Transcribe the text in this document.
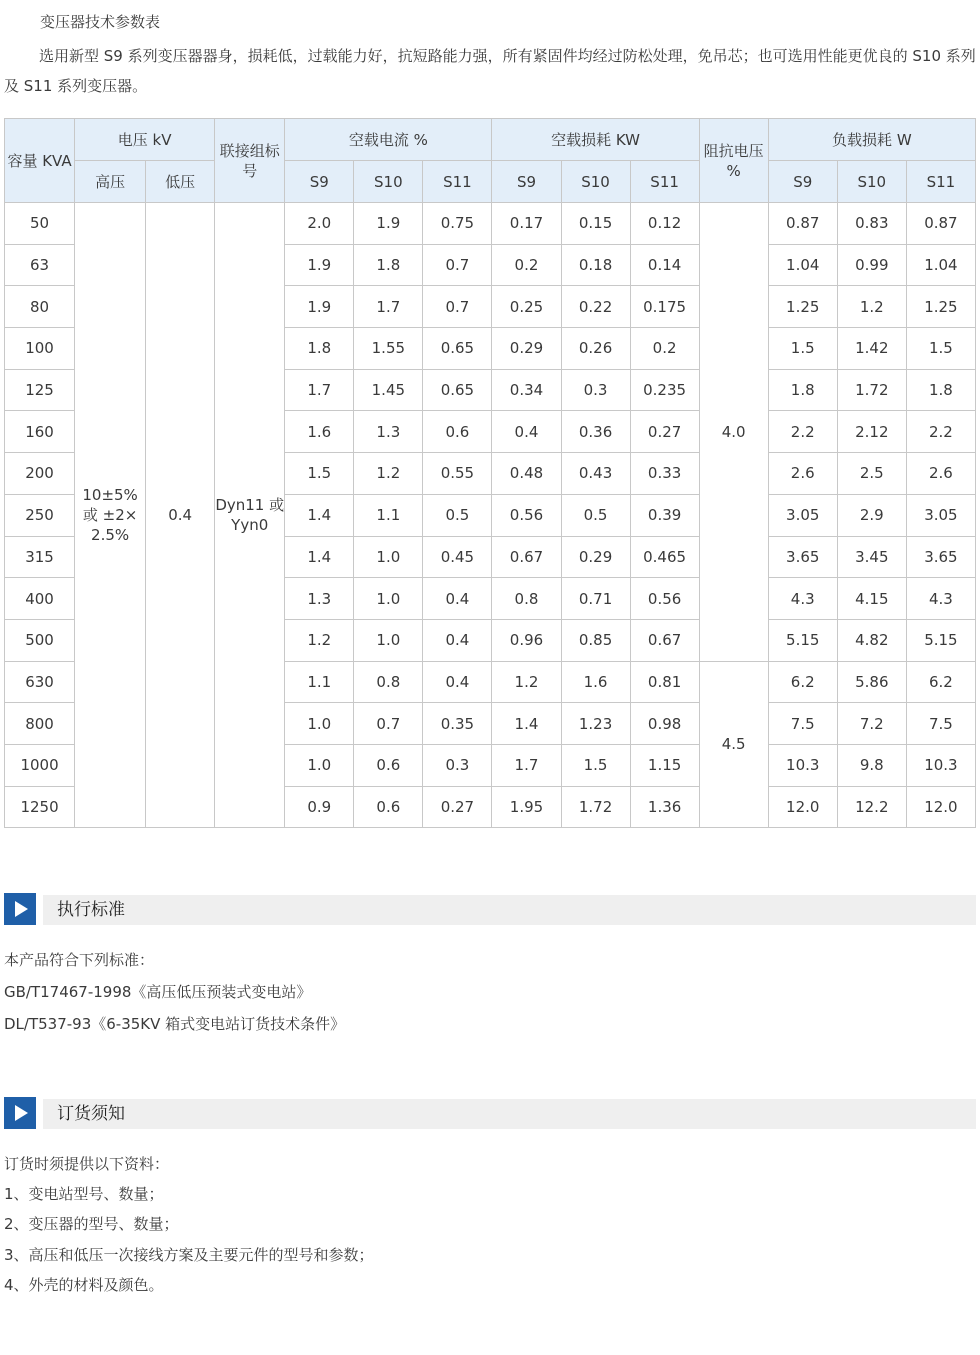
变压器技术参数表
选用新型 S9 系列变压器器身，损耗低，过载能力好，抗短路能力强，所有紧固件均经过防松处理，免吊芯；也可选用性能更优良的 S10 系列及 S11 系列变压器。
容量 KVA	电压 kV		联接组标号	空载电流 %			空载损耗 KW			阻抗电压 %	负载损耗 W		
	高压	低压		S9	S10	S11	S9	S10	S11		S9	S10	S11
50	10±5% 或 ±2× 2.5%	0.4	Dyn11 或 Yyn0	2.0	1.9	0.75	0.17	0.15	0.12	4.0	0.87	0.83	0.87
63				1.9	1.8	0.7	0.2	0.18	0.14		1.04	0.99	1.04
80				1.9	1.7	0.7	0.25	0.22	0.175		1.25	1.2	1.25
100				1.8	1.55	0.65	0.29	0.26	0.2		1.5	1.42	1.5
125				1.7	1.45	0.65	0.34	0.3	0.235		1.8	1.72	1.8
160				1.6	1.3	0.6	0.4	0.36	0.27		2.2	2.12	2.2
200				1.5	1.2	0.55	0.48	0.43	0.33		2.6	2.5	2.6
250				1.4	1.1	0.5	0.56	0.5	0.39		3.05	2.9	3.05
315				1.4	1.0	0.45	0.67	0.29	0.465		3.65	3.45	3.65
400				1.3	1.0	0.4	0.8	0.71	0.56		4.3	4.15	4.3
500				1.2	1.0	0.4	0.96	0.85	0.67		5.15	4.82	5.15
630				1.1	0.8	0.4	1.2	1.6	0.81	4.5	6.2	5.86	6.2
800				1.0	0.7	0.35	1.4	1.23	0.98		7.5	7.2	7.5
1000				1.0	0.6	0.3	1.7	1.5	1.15		10.3	9.8	10.3
1250				0.9	0.6	0.27	1.95	1.72	1.36		12.0	12.2	12.0
执行标准
本产品符合下列标准：
GB/T17467-1998《高压低压预装式变电站》
DL/T537-93《6-35KV 箱式变电站订货技术条件》
订货须知
订货时须提供以下资料：
1、变电站型号、数量；
2、变压器的型号、数量；
3、高压和低压一次接线方案及主要元件的型号和参数；
4、外壳的材料及颜色。
